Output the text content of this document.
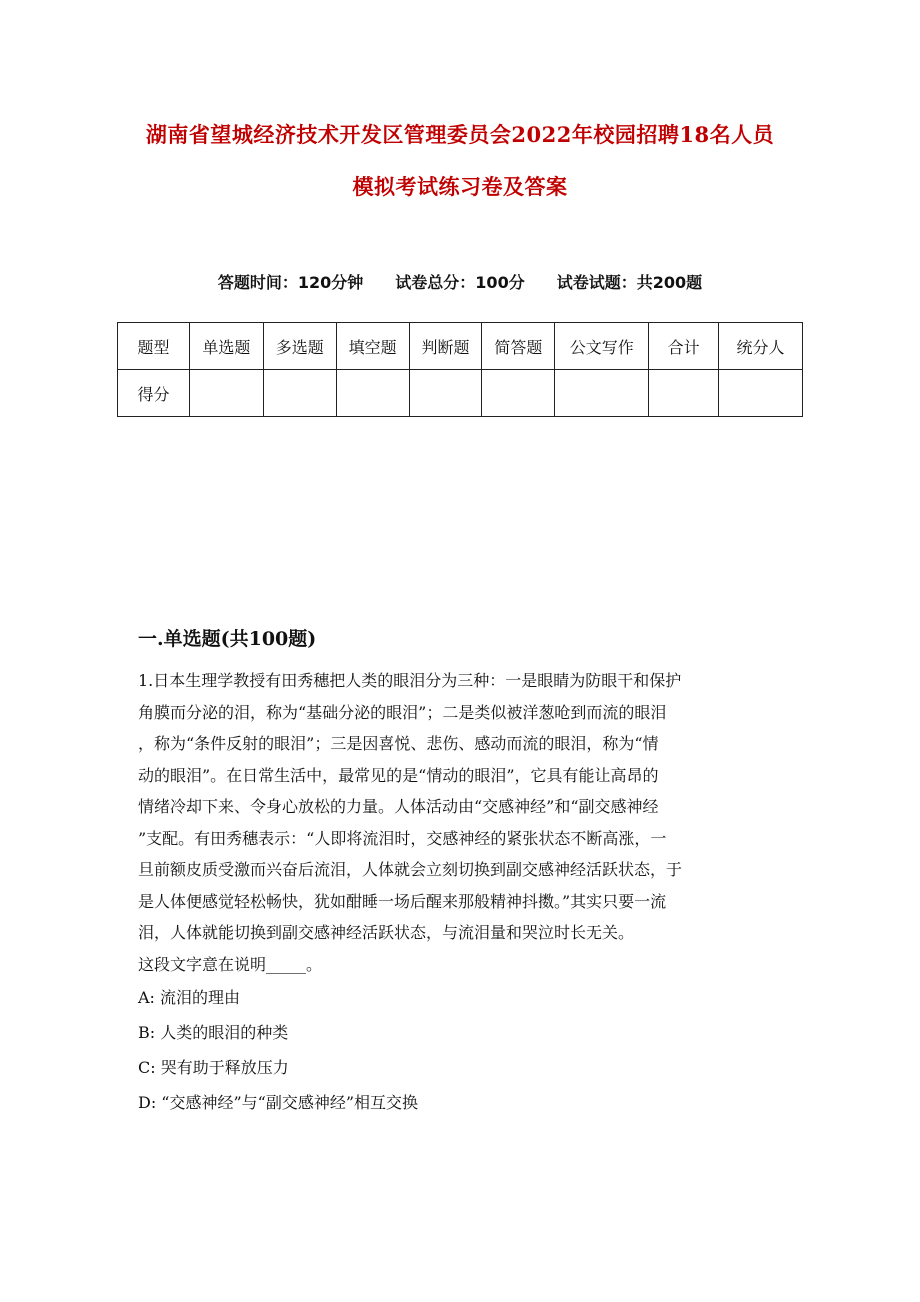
湖南省望城经济技术开发区管理委员会2022年校园招聘18名人员
模拟考试练习卷及答案
答题时间：120分钟 试卷总分：100分 试卷试题：共200题
题型	单选题	多选题	填空题	判断题	简答题	公文写作	合计	统分人
得分								
一.单选题(共100题)

1.日本生理学教授有田秀穗把人类的眼泪分为三种：一是眼睛为防眼干和保护

角膜而分泌的泪，称为“基础分泌的眼泪”；二是类似被洋葱呛到而流的眼泪

，称为“条件反射的眼泪”；三是因喜悦、悲伤、感动而流的眼泪，称为“情

动的眼泪”。在日常生活中，最常见的是“情动的眼泪”，它具有能让高昂的

情绪冷却下来、令身心放松的力量。人体活动由“交感神经”和“副交感神经

”支配。有田秀穗表示：“人即将流泪时，交感神经的紧张状态不断高涨，一

旦前额皮质受激而兴奋后流泪，人体就会立刻切换到副交感神经活跃状态，于

是人体便感觉轻松畅快，犹如酣睡一场后醒来那般精神抖擞。”其实只要一流

泪，人体就能切换到副交感神经活跃状态，与流泪量和哭泣时长无关。

这段文字意在说明_____。

A: 流泪的理由

B: 人类的眼泪的种类

C: 哭有助于释放压力

D: “交感神经”与“副交感神经”相互交换
